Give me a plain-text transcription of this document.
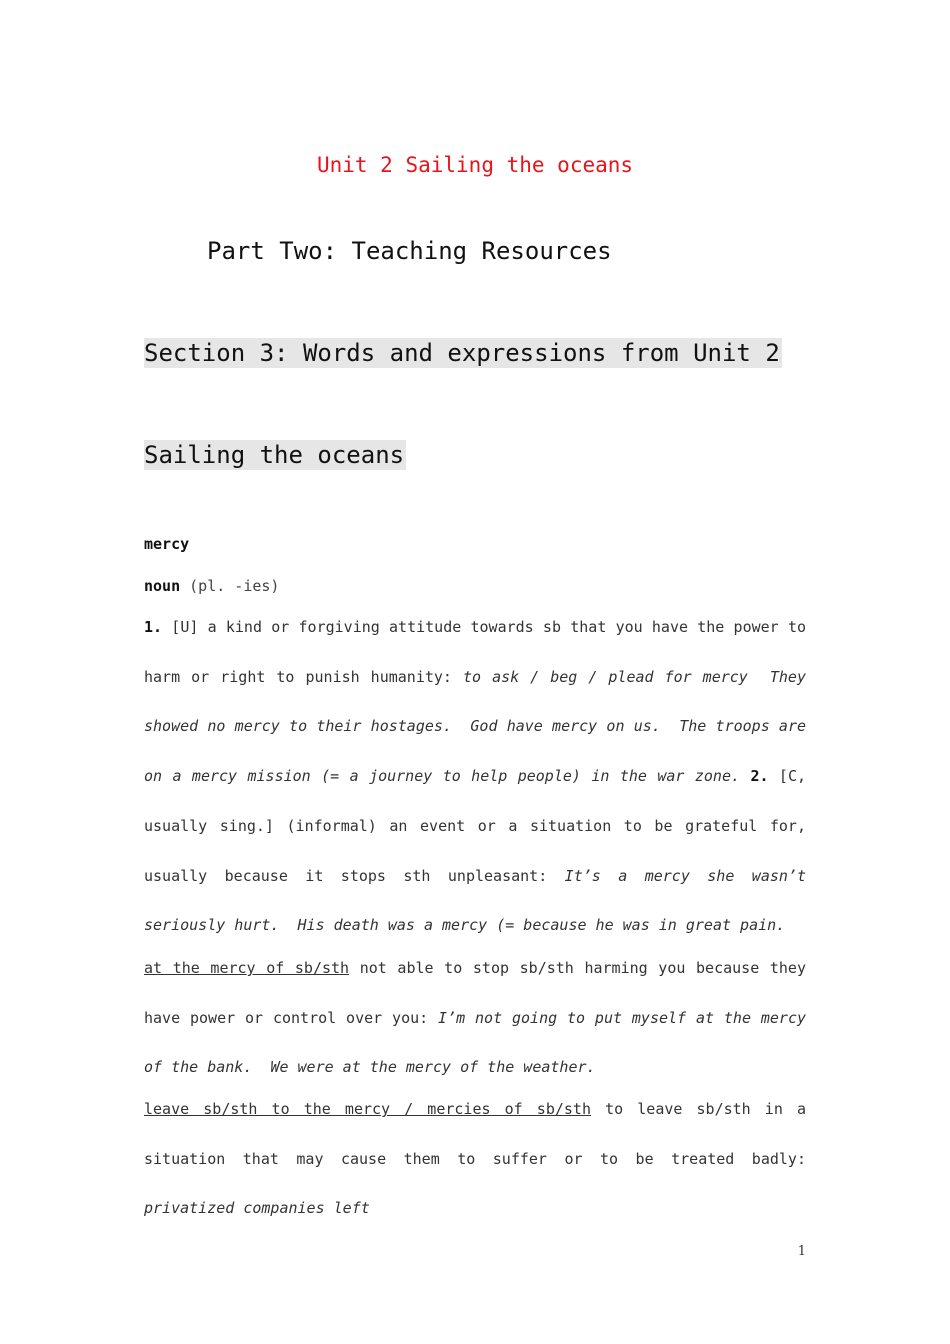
Unit 2 Sailing the oceans
Part Two: Teaching Resources
Section 3: Words and expressions from Unit 2
Sailing the oceans
mercy
noun (pl. -ies)
1. [U] a kind or forgiving attitude towards sb that you have the power to harm or right to punish humanity: to ask / beg / plead for mercy They showed no mercy to their hostages. God have mercy on us. The troops are on a mercy mission (= a journey to help people) in the war zone. 2. [C, usually sing.] (informal) an event or a situation to be grateful for, usually because it stops sth unpleasant: It’s a mercy she wasn’t seriously hurt. His death was a mercy (= because he was in great pain.
at the mercy of sb/sth not able to stop sb/sth harming you because they have power or control over you: I’m not going to put myself at the mercy of the bank. We were at the mercy of the weather.
leave sb/sth to the mercy / mercies of sb/sth to leave sb/sth in a situation that may cause them to suffer or to be treated badly: privatized companies left
1
